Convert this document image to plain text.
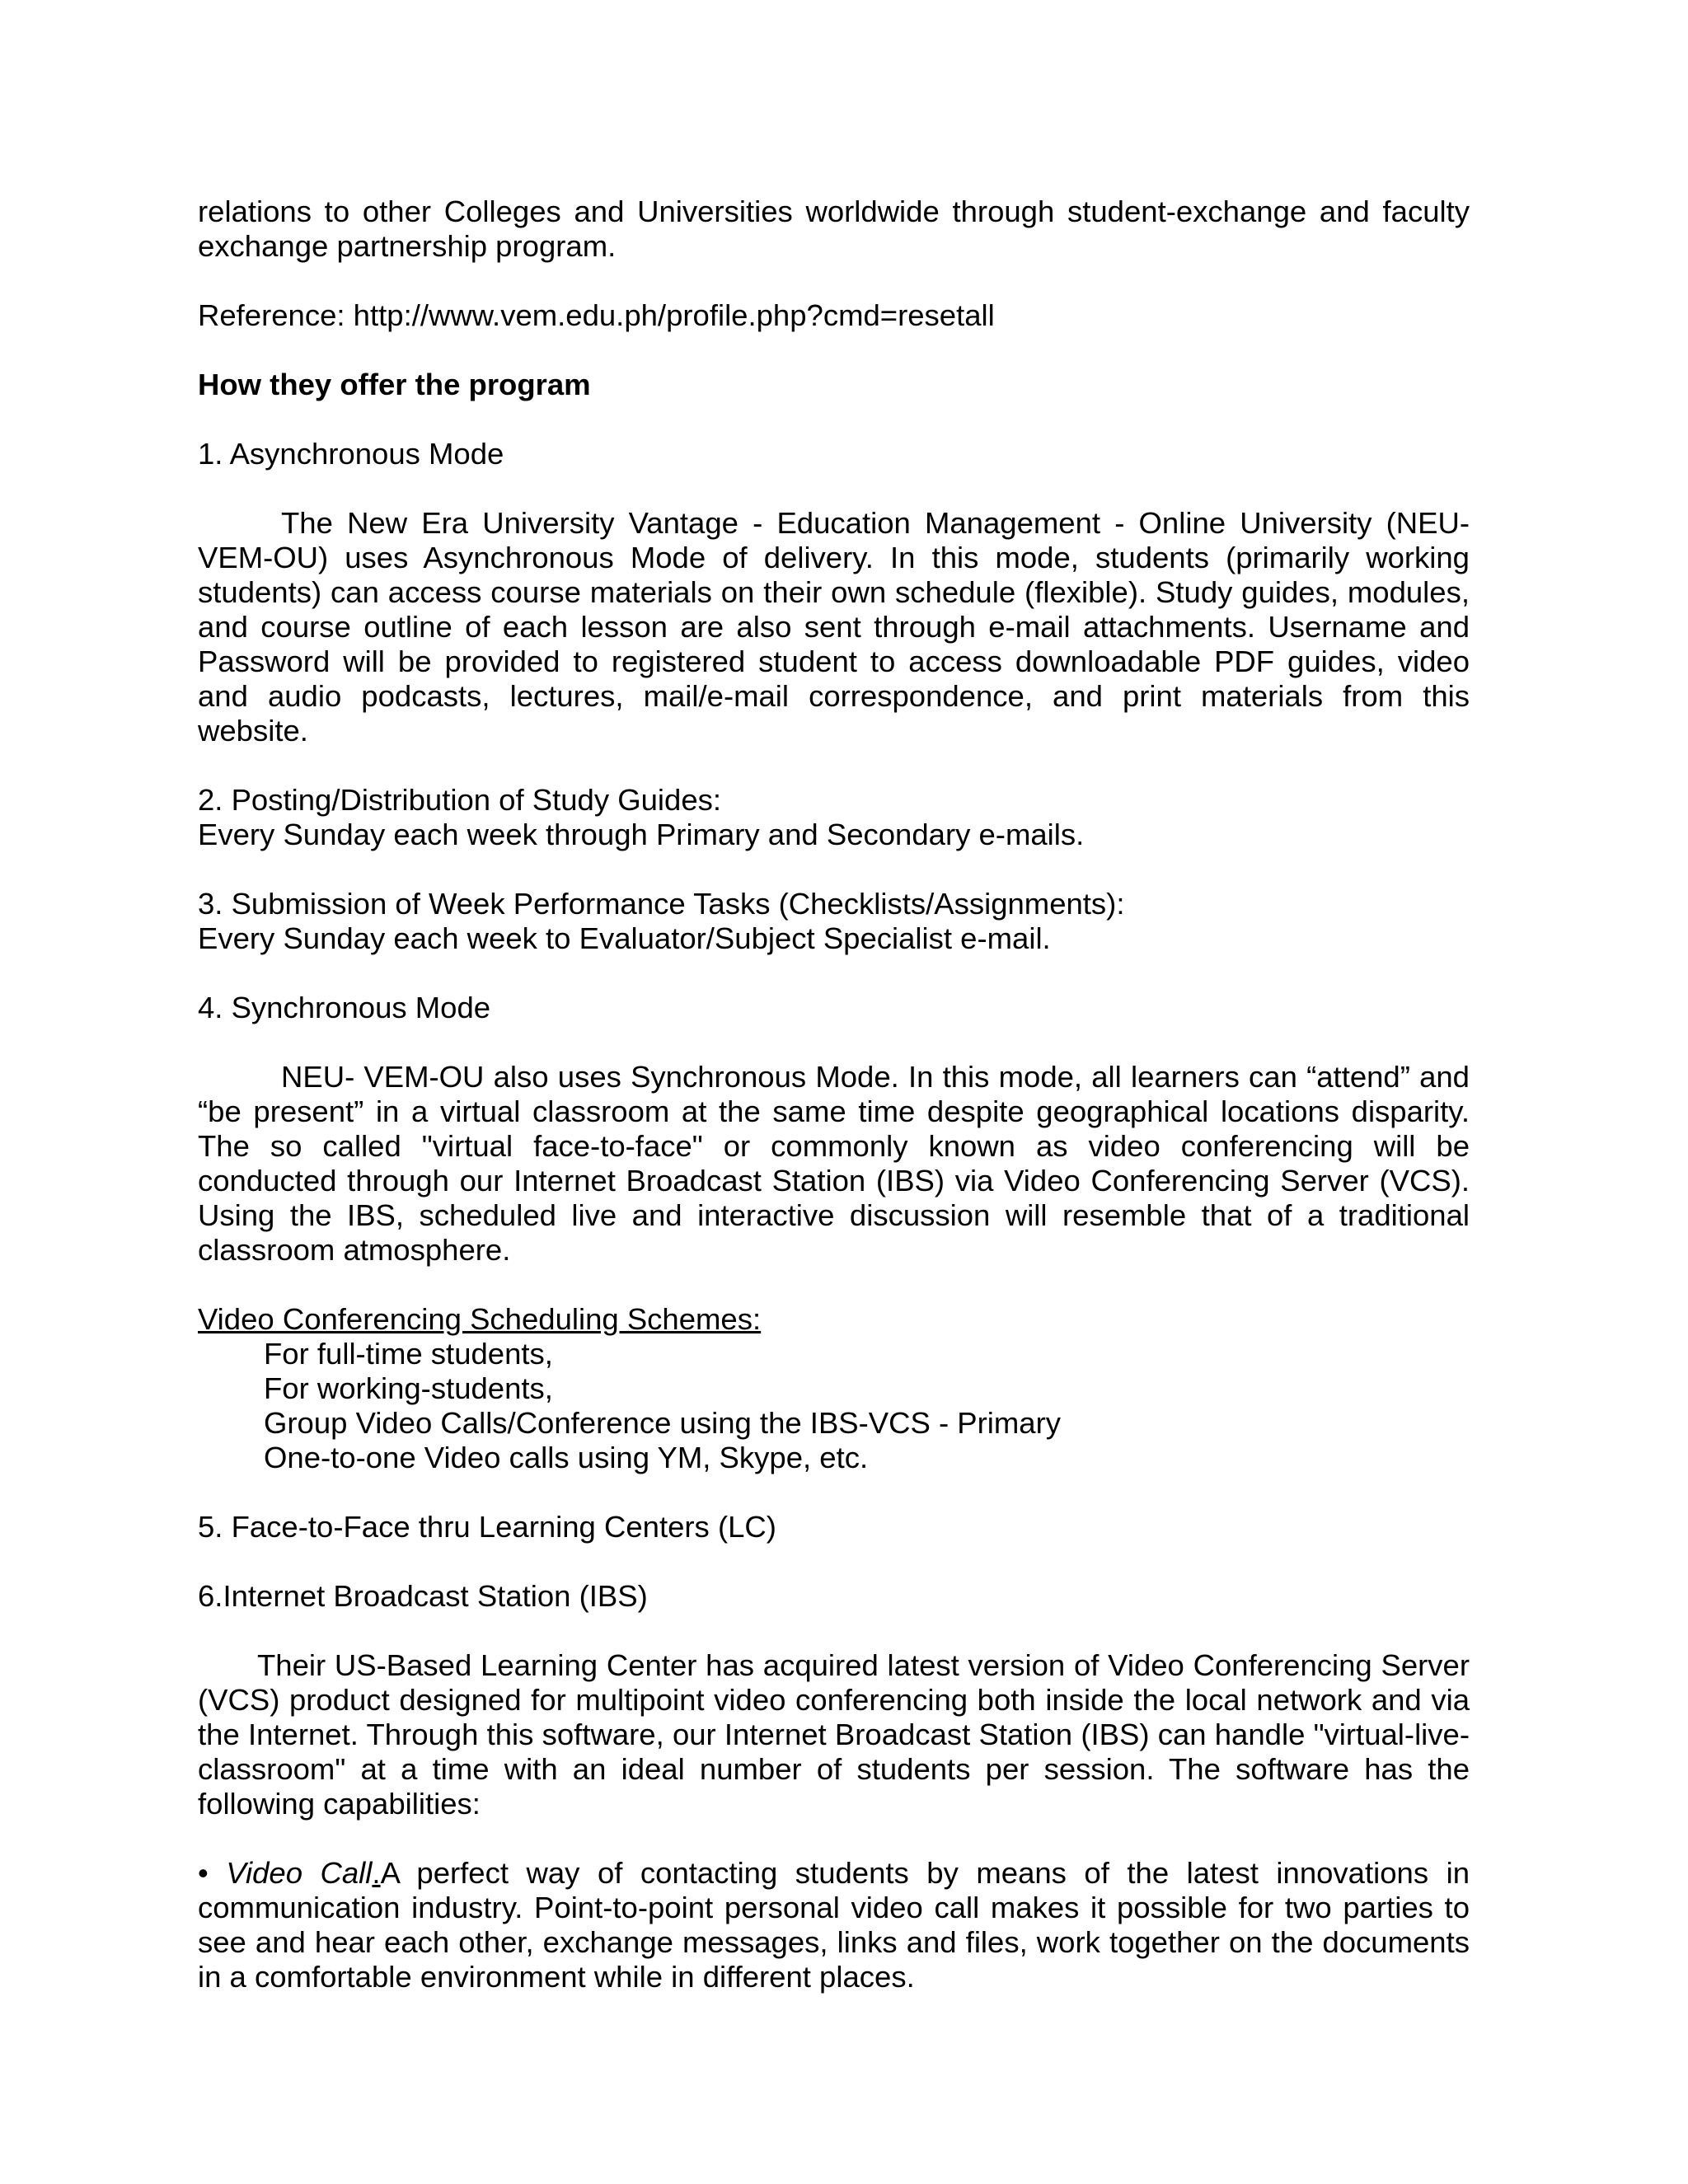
relations to other Colleges and Universities worldwide through student-exchange and faculty exchange partnership program.

Reference: http://www.vem.edu.ph/profile.php?cmd=resetall

How they offer the program

1. Asynchronous Mode

The New Era University Vantage - Education Management - Online University (NEU-VEM-OU) uses Asynchronous Mode of delivery. In this mode, students (primarily working students) can access course materials on their own schedule (flexible). Study guides, modules, and course outline of each lesson are also sent through e-mail attachments. Username and Password will be provided to registered student to access downloadable PDF guides, video and audio podcasts, lectures, mail/e-mail correspondence, and print materials from this website.

2. Posting/Distribution of Study Guides:

Every Sunday each week through Primary and Secondary e-mails.

3. Submission of Week Performance Tasks (Checklists/Assignments):

Every Sunday each week to Evaluator/Subject Specialist e-mail.

4. Synchronous Mode

NEU- VEM-OU also uses Synchronous Mode. In this mode, all learners can “attend” and “be present” in a virtual classroom at the same time despite geographical locations disparity. The so called "virtual face-to-face" or commonly known as video conferencing will be conducted through our Internet Broadcast Station (IBS) via Video Conferencing Server (VCS). Using the IBS, scheduled live and interactive discussion will resemble that of a traditional classroom atmosphere.

Video Conferencing Scheduling Schemes:

For full-time students,
For working-students,
Group Video Calls/Conference using the IBS-VCS - Primary
One-to-one Video calls using YM, Skype, etc.

5. Face-to-Face thru Learning Centers (LC)

6.Internet Broadcast Station (IBS)

Their US-Based Learning Center has acquired latest version of Video Conferencing Server (VCS) product designed for multipoint video conferencing both inside the local network and via the Internet. Through this software, our Internet Broadcast Station (IBS) can handle "virtual-live-classroom" at a time with an ideal number of students per session. The software has the following capabilities:

• Video Call.A perfect way of contacting students by means of the latest innovations in communication industry. Point-to-point personal video call makes it possible for two parties to see and hear each other, exchange messages, links and files, work together on the documents in a comfortable environment while in different places.
